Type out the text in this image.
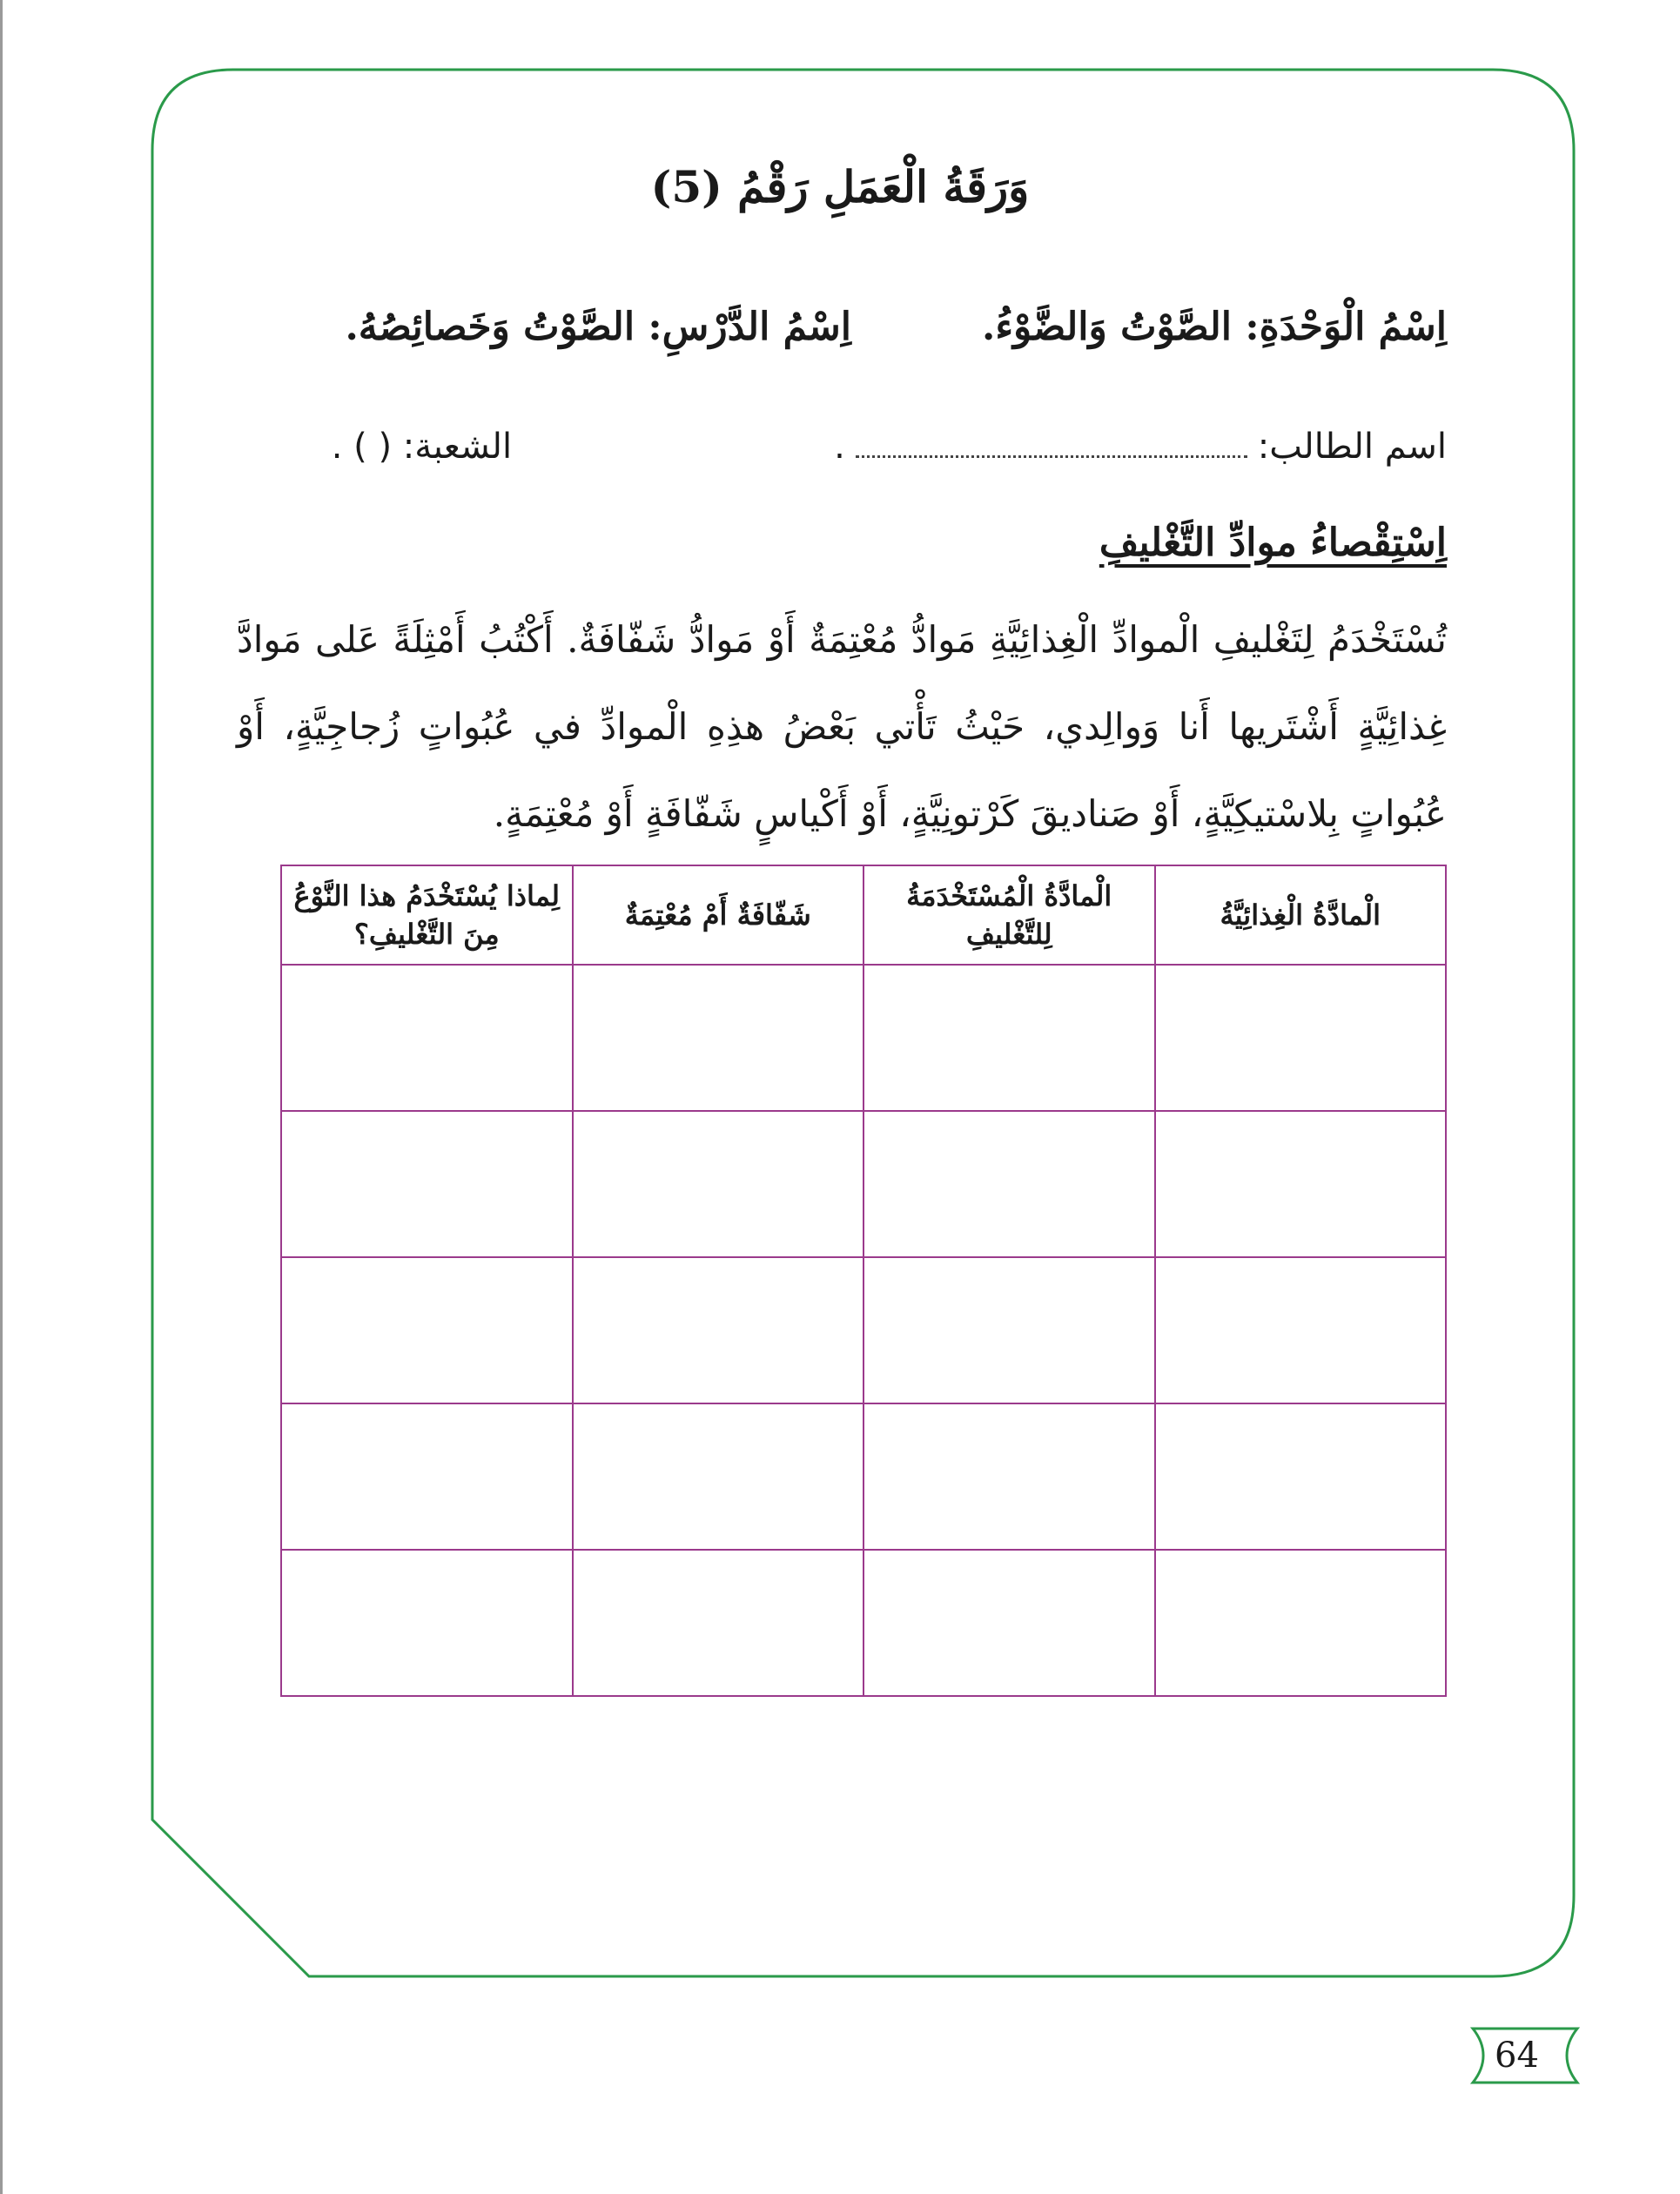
وَرَقَةُ الْعَمَلِ رَقْمُ (5)
اِسْمُ الْوَحْدَةِ: الصَّوْتُ وَالضَّوْءُ.
اِسْمُ الدَّرْسِ: الصَّوْتُ وَخَصائِصُهُ.
اسم الطالب:
.
الشعبة: ( ) .
اِسْتِقْصاءُ موادِّ التَّغْليفِ
تُسْتَخْدَمُ لِتَغْليفِ الْموادِّ الْغِذائِيَّةِ مَوادُّ مُعْتِمَةٌ أَوْ مَوادُّ شَفّافَةٌ. أَكْتُبُ أَمْثِلَةً عَلى مَوادَّ غِذائِيَّةٍ أَشْتَريها أَنا وَوالِدي، حَيْثُ تَأْتي بَعْضُ هذِهِ الْموادِّ في عُبُواتٍ زُجاجِيَّةٍ، أَوْ عُبُواتٍ بِلاسْتيكِيَّةٍ، أَوْ صَناديقَ كَرْتونِيَّةٍ، أَوْ أَكْياسٍ شَفّافَةٍ أَوْ مُعْتِمَةٍ.
الْمادَّةُ الْغِذائِيَّةُ	الْمادَّةُ الْمُسْتَخْدَمَةُ لِلتَّغْليفِ	شَفّافَةٌ أَمْ مُعْتِمَةٌ	لِماذا يُسْتَخْدَمُ هذا النَّوْعُ مِنَ التَّغْليفِ؟

64
